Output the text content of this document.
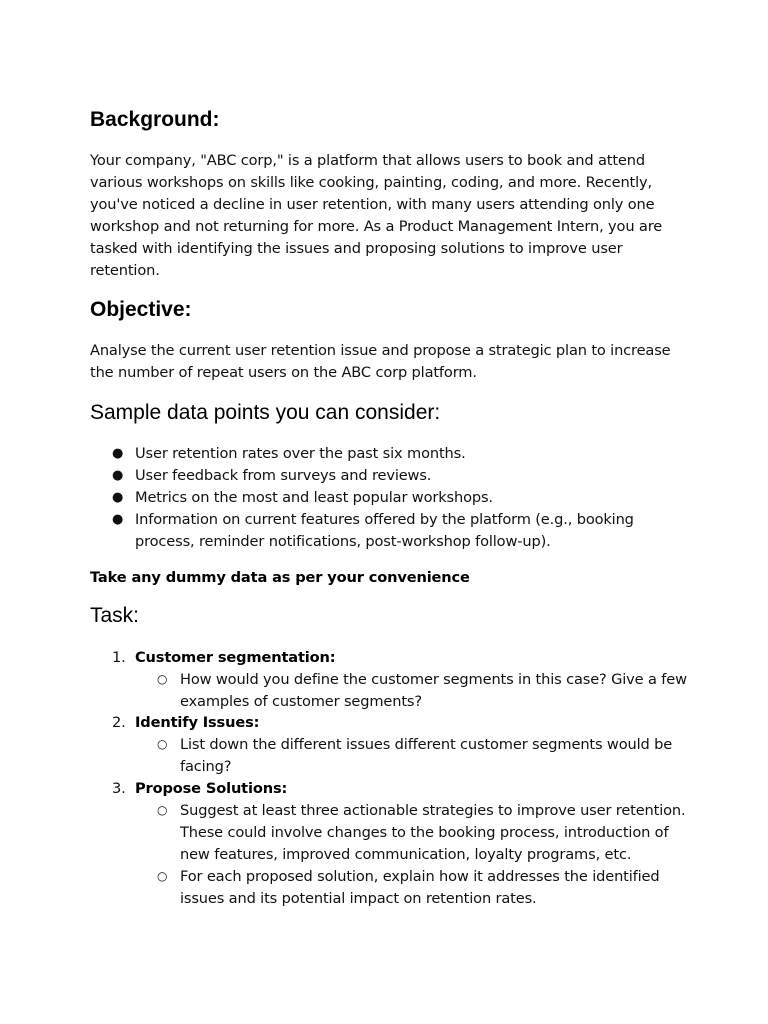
Background:

Your company, "ABC corp," is a platform that allows users to book and attend various workshops on skills like cooking, painting, coding, and more. Recently, you've noticed a decline in user retention, with many users attending only one workshop and not returning for more. As a Product Management Intern, you are tasked with identifying the issues and proposing solutions to improve user retention.

Objective:

Analyse the current user retention issue and propose a strategic plan to increase the number of repeat users on the ABC corp platform.

Sample data points you can consider:
● User retention rates over the past six months.
● User feedback from surveys and reviews.
● Metrics on the most and least popular workshops.
● Information on current features offered by the platform (e.g., booking process, reminder notifications, post-workshop follow-up).

Take any dummy data as per your convenience

Task:
1. Customer segmentation:
○ How would you define the customer segments in this case? Give a few examples of customer segments?
2. Identify Issues:
○ List down the different issues different customer segments would be facing?
3. Propose Solutions:
○ Suggest at least three actionable strategies to improve user retention. These could involve changes to the booking process, introduction of new features, improved communication, loyalty programs, etc.
○ For each proposed solution, explain how it addresses the identified issues and its potential impact on retention rates.
